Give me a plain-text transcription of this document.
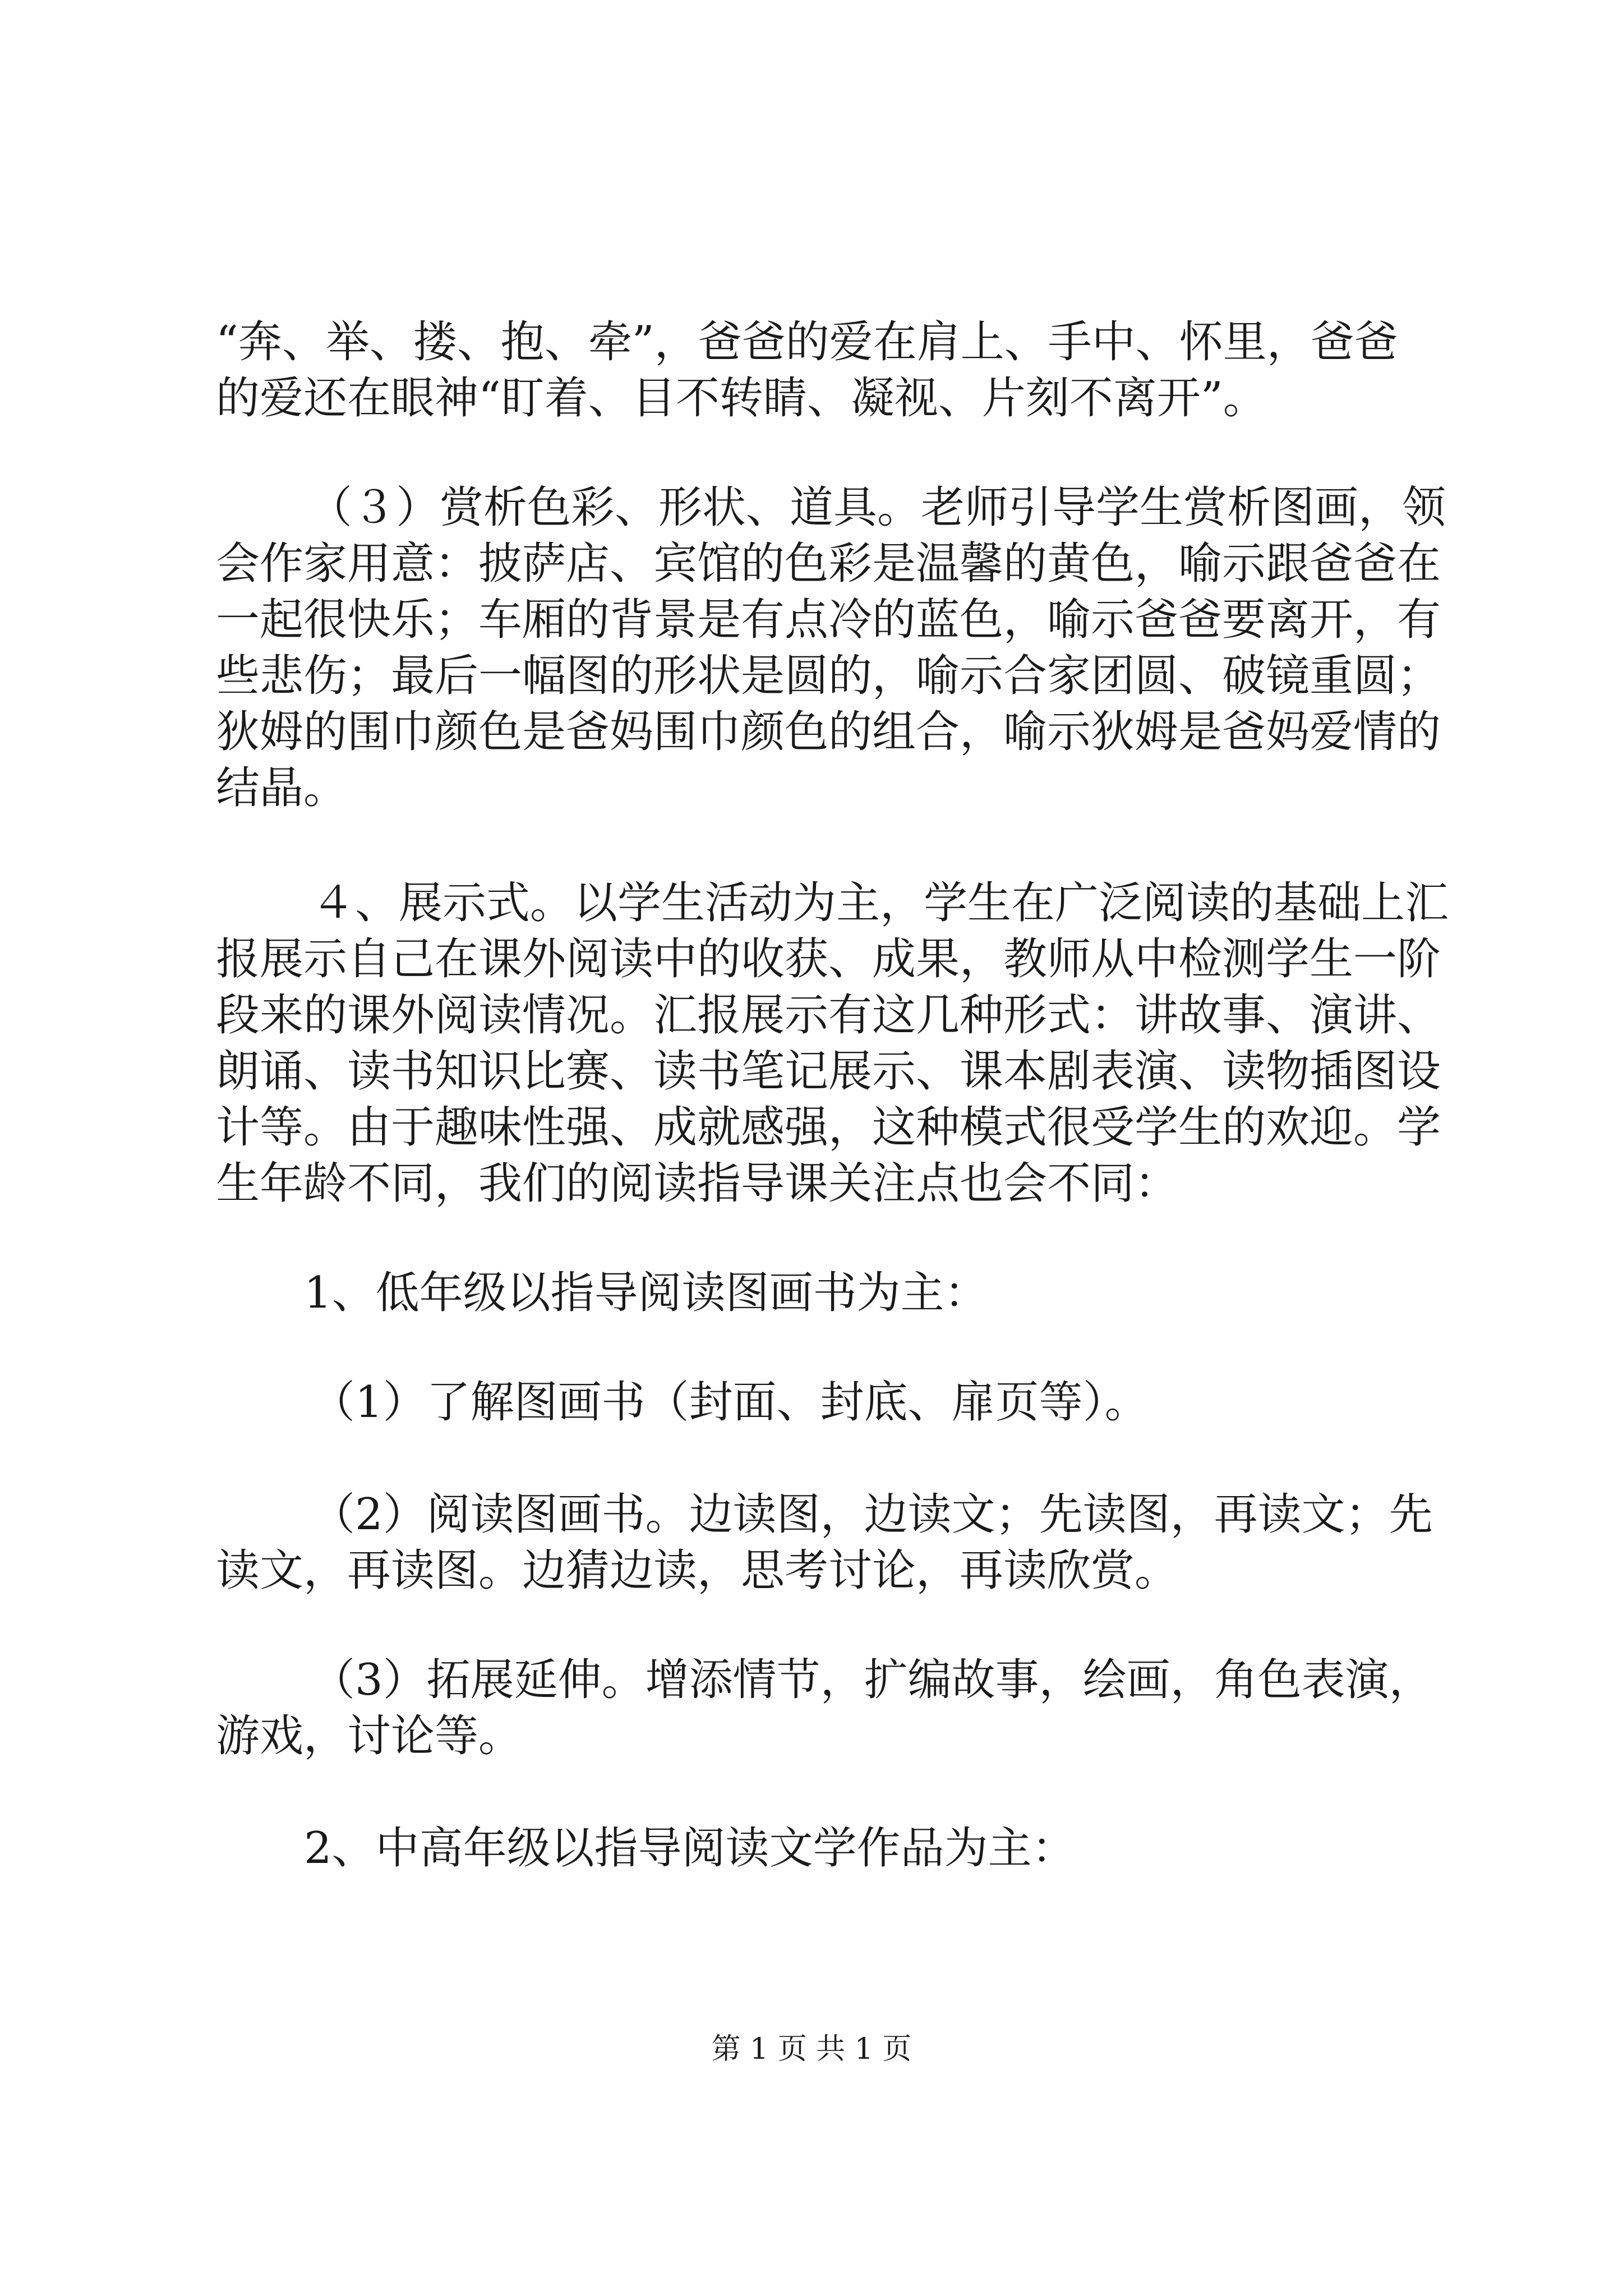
“奔、举、搂、抱、牵”，爸爸的爱在肩上、手中、怀里，爸爸
的爱还在眼神“盯着、目不转睛、凝视、片刻不离开”。
（３）赏析色彩、形状、道具。老师引导学生赏析图画，领
会作家用意：披萨店、宾馆的色彩是温馨的黄色，喻示跟爸爸在
一起很快乐；车厢的背景是有点冷的蓝色，喻示爸爸要离开，有
些悲伤；最后一幅图的形状是圆的，喻示合家团圆、破镜重圆；
狄姆的围巾颜色是爸妈围巾颜色的组合，喻示狄姆是爸妈爱情的
结晶。
４、展示式。以学生活动为主，学生在广泛阅读的基础上汇
报展示自己在课外阅读中的收获、成果，教师从中检测学生一阶
段来的课外阅读情况。汇报展示有这几种形式：讲故事、演讲、
朗诵、读书知识比赛、读书笔记展示、课本剧表演、读物插图设
计等。由于趣味性强、成就感强，这种模式很受学生的欢迎。学
生年龄不同，我们的阅读指导课关注点也会不同：
1、低年级以指导阅读图画书为主：
（1）了解图画书（封面、封底、扉页等）。
（2）阅读图画书。边读图，边读文；先读图，再读文；先
读文，再读图。边猜边读，思考讨论，再读欣赏。
（3）拓展延伸。增添情节，扩编故事，绘画，角色表演，
游戏，讨论等。
2、中高年级以指导阅读文学作品为主：
第 1 页 共 1 页
